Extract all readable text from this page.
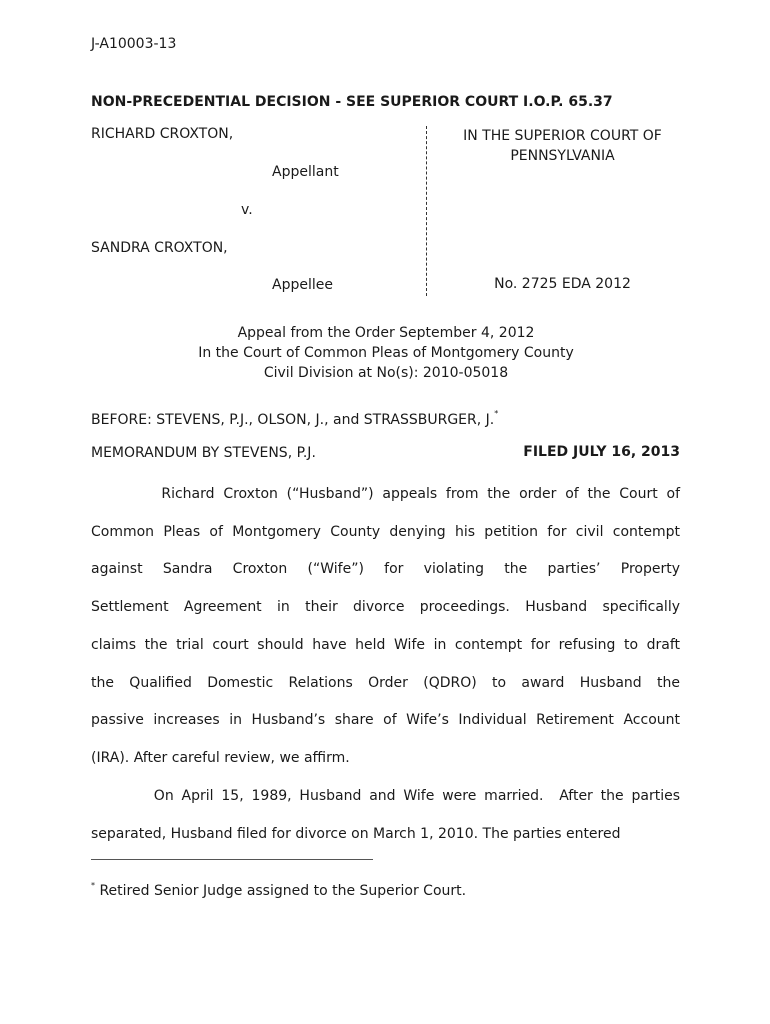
J-A10003-13
NON-PRECEDENTIAL DECISION - SEE SUPERIOR COURT I.O.P. 65.37
RICHARD CROXTON,
Appellant
v.
SANDRA CROXTON,
Appellee
IN THE SUPERIOR COURT OF
PENNSYLVANIA
No. 2725 EDA 2012
Appeal from the Order September 4, 2012
In the Court of Common Pleas of Montgomery County
Civil Division at No(s): 2010-05018
BEFORE: STEVENS, P.J., OLSON, J., and STRASSBURGER, J.*
MEMORANDUM BY STEVENS, P.J.	FILED JULY 16, 2013
Richard Croxton (“Husband”) appeals from the order of the Court of
Common Pleas of Montgomery County denying his petition for civil contempt
against Sandra Croxton (“Wife”) for violating the parties’ Property
Settlement Agreement in their divorce proceedings. Husband specifically
claims the trial court should have held Wife in contempt for refusing to draft
the Qualified Domestic Relations Order (QDRO) to award Husband the
passive increases in Husband’s share of Wife’s Individual Retirement Account
(IRA). After careful review, we affirm.
On April 15, 1989, Husband and Wife were married.  After the parties
separated, Husband filed for divorce on March 1, 2010. The parties entered
* Retired Senior Judge assigned to the Superior Court.
